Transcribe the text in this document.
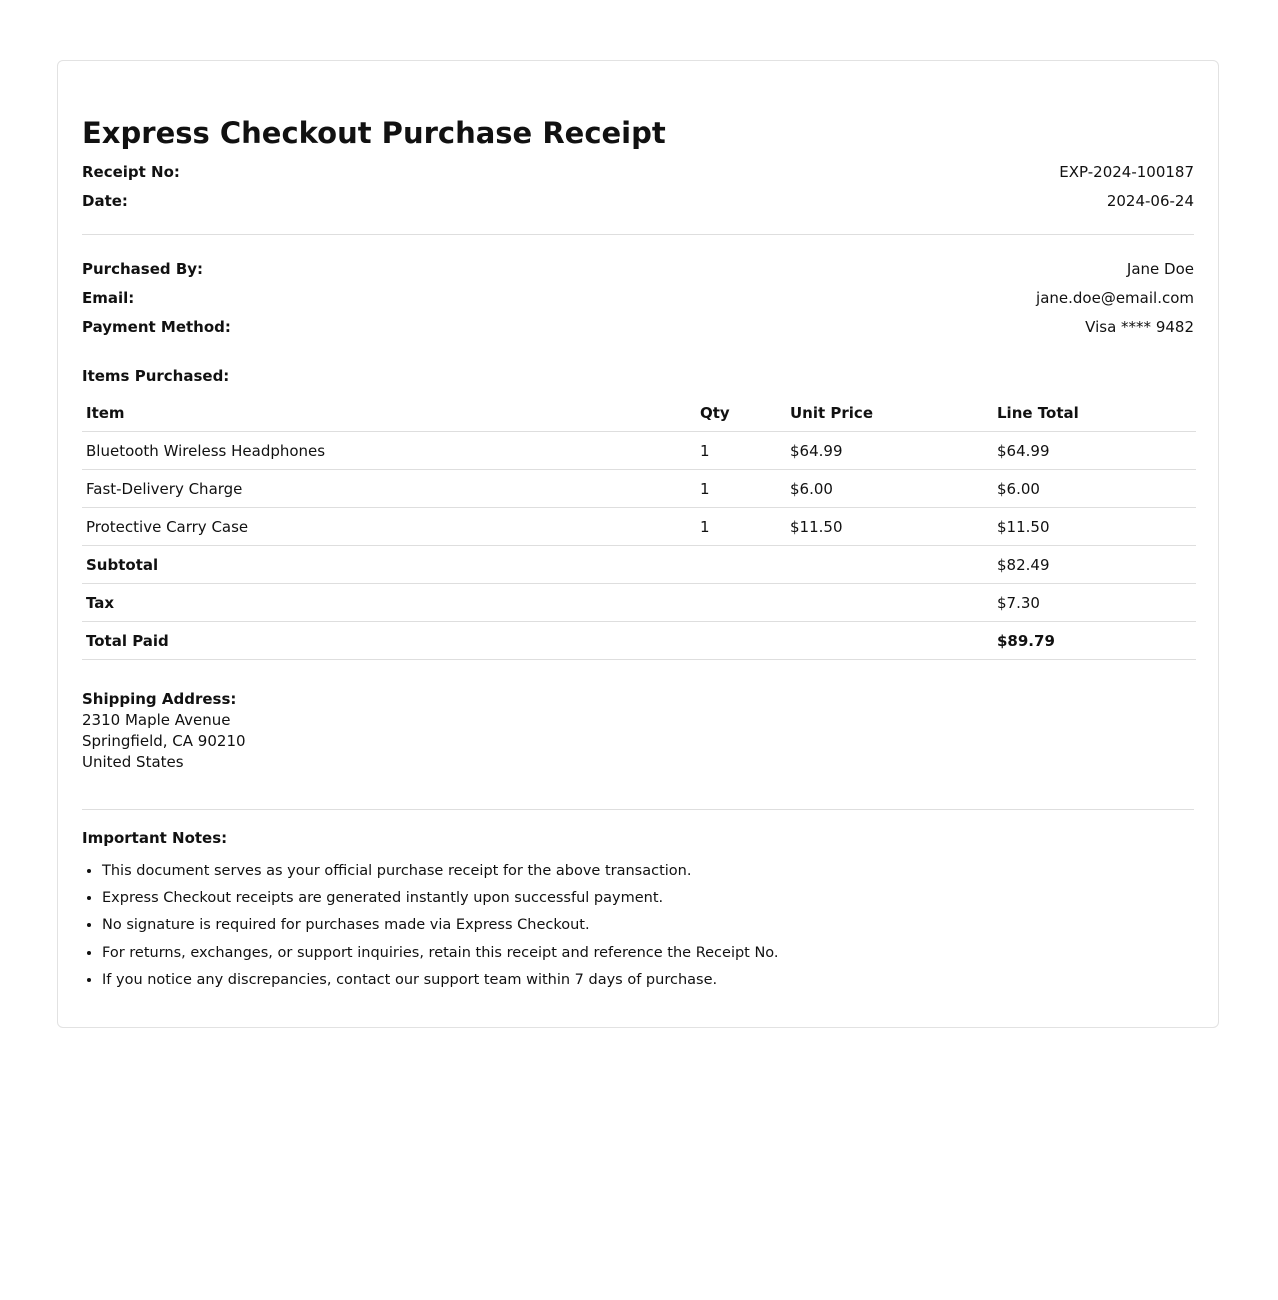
Express Checkout Purchase Receipt
Receipt No:	EXP-2024-100187
Date:	2024-06-24
Purchased By:	Jane Doe
Email:	jane.doe@email.com
Payment Method:	Visa **** 9482
Items Purchased:
Item	Qty	Unit Price	Line Total
Bluetooth Wireless Headphones	1	$64.99	$64.99
Fast-Delivery Charge	1	$6.00	$6.00
Protective Carry Case	1	$11.50	$11.50
Subtotal			$82.49
Tax			$7.30
Total Paid			$89.79
Shipping Address:
2310 Maple Avenue
Springfield, CA 90210
United States
Important Notes:
• This document serves as your official purchase receipt for the above transaction.
• Express Checkout receipts are generated instantly upon successful payment.
• No signature is required for purchases made via Express Checkout.
• For returns, exchanges, or support inquiries, retain this receipt and reference the Receipt No.
• If you notice any discrepancies, contact our support team within 7 days of purchase.
